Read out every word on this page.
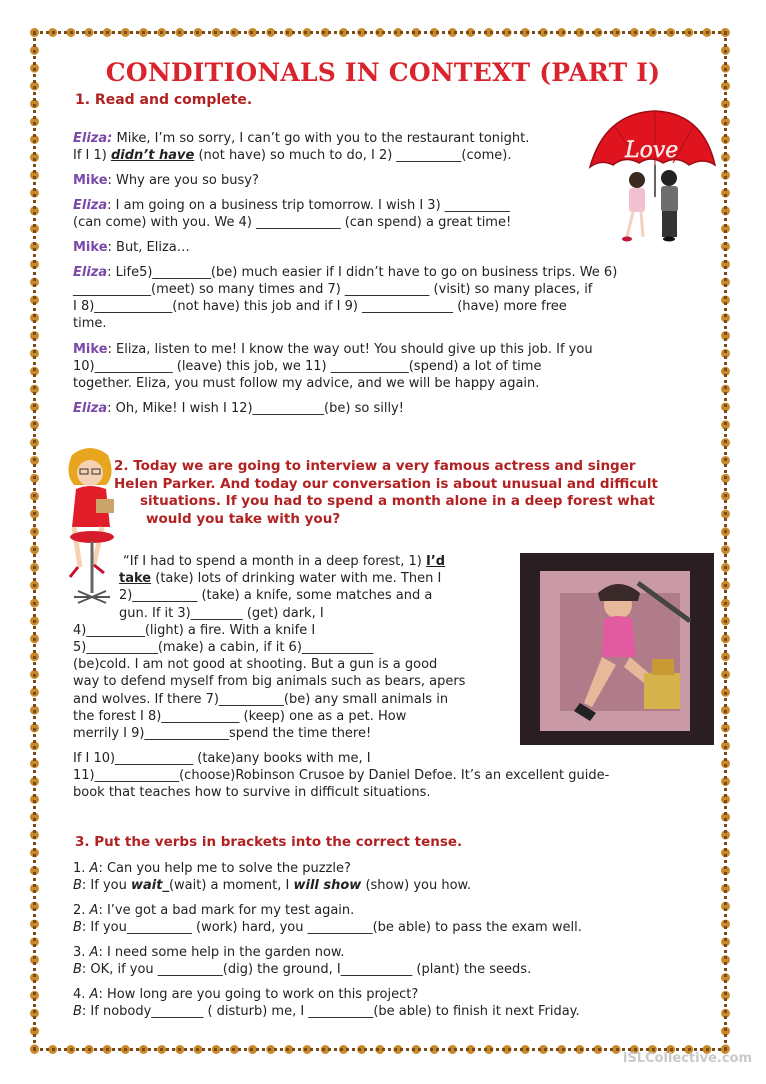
CONDITIONALS IN CONTEXT (PART I)
1. Read and complete.
Eliza: Mike, I’m so sorry, I can’t go with you to the restaurant tonight.
If I 1) didn’t have (not have) so much to do, I 2) __________(come).
Mike: Why are you so busy?
Eliza: I am going on a business trip tomorrow. I wish I 3) __________
(can come) with you. We 4) _____________ (can spend) a great time!
Mike: But, Eliza…
Eliza: Life5)_________(be) much easier if I didn’t have to go on business trips. We 6)
____________(meet) so many times and 7) _____________ (visit) so many places, if
I 8)____________(not have) this job and if I 9) ______________ (have) more free
time.
Mike: Eliza, listen to me! I know the way out! You should give up this job. If you
10)____________ (leave) this job, we 11) ____________(spend) a lot of time
together. Eliza, you must follow my advice, and we will be happy again.
Eliza: Oh, Mike! I wish I 12)___________(be) so silly!
Love
2. Today we are going to interview a very famous actress and singer
Helen Parker. And today our conversation is about unusual and difficult
situations. If you had to spend a month alone in a deep forest what
would you take with you?
“If I had to spend a month in a deep forest, 1) I’d
take (take) lots of drinking water with me. Then I
2)__________ (take) a knife, some matches and a
gun. If it 3)________ (get) dark, I
4)_________(light) a fire. With a knife I
5)___________(make) a cabin, if it 6)___________
(be)cold. I am not good at shooting. But a gun is a good
way to defend myself from big animals such as bears, apers
and wolves. If there 7)__________(be) any small animals in
the forest I 8)____________ (keep) one as a pet. How
merrily I 9)_____________spend the time there!
If I 10)____________ (take)any books with me, I
11)_____________(choose)Robinson Crusoe by Daniel Defoe. It’s an excellent guide-
book that teaches how to survive in difficult situations.
3. Put the verbs in brackets into the correct tense.
1. A: Can you help me to solve the puzzle?
B: If you wait_(wait) a moment, I will show (show) you how.
2. A: I’ve got a bad mark for my test again.
B: If you__________ (work) hard, you __________(be able) to pass the exam well.
3. A: I need some help in the garden now.
B: OK, if you __________(dig) the ground, I___________ (plant) the seeds.
4. A: How long are you going to work on this project?
B: If nobody________ ( disturb) me, I __________(be able) to finish it next Friday.
iSLCollective.com
